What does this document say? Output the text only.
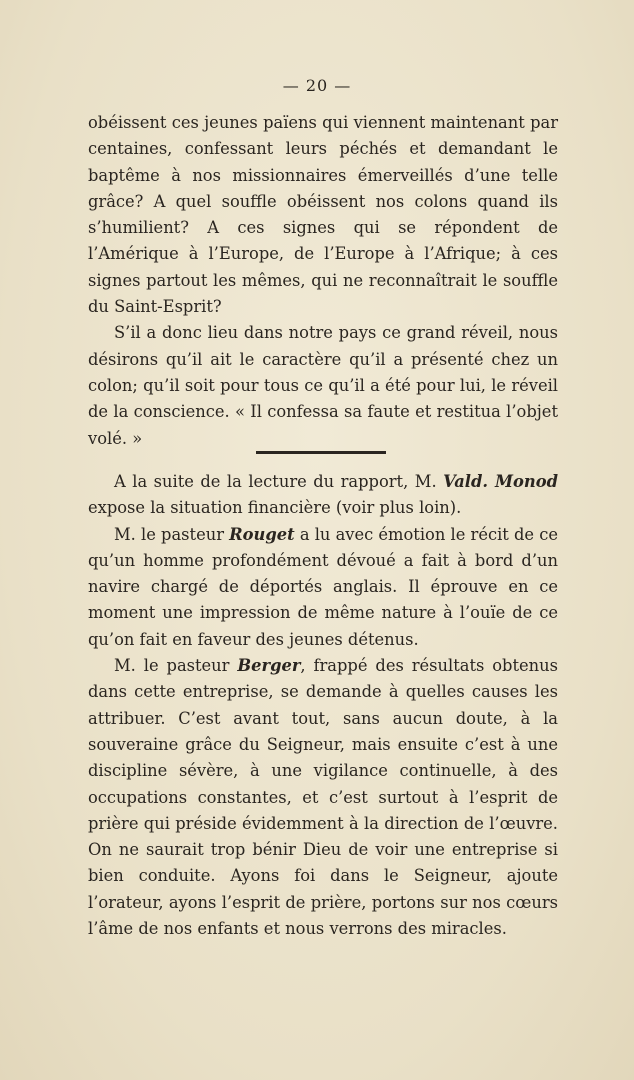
— 20 —

obéissent ces jeunes païens qui viennent maintenant par centaines, confessant leurs péchés et demandant le baptême à nos missionnaires émerveillés d’une telle grâce? A quel souffle obéissent nos colons quand ils s’humilient? A ces signes qui se répondent de l’Amérique à l’Europe, de l’Europe à l’Afrique; à ces signes partout les mêmes, qui ne reconnaîtrait le souffle du Saint-Esprit?

S’il a donc lieu dans notre pays ce grand réveil, nous désirons qu’il ait le caractère qu’il a présenté chez un colon; qu’il soit pour tous ce qu’il a été pour lui, le réveil de la conscience. « Il confessa sa faute et restitua l’objet volé. »

A la suite de la lecture du rapport, M. Vald. Monod expose la situation financière (voir plus loin).

M. le pasteur Rouget a lu avec émotion le récit de ce qu’un homme profondément dévoué a fait à bord d’un navire chargé de déportés anglais. Il éprouve en ce moment une impression de même nature à l’ouïe de ce qu’on fait en faveur des jeunes détenus.

M. le pasteur Berger, frappé des résultats obtenus dans cette entreprise, se demande à quelles causes les attribuer. C’est avant tout, sans aucun doute, à la souveraine grâce du Seigneur, mais ensuite c’est à une discipline sévère, à une vigilance continuelle, à des occupations constantes, et c’est surtout à l’esprit de prière qui préside évidemment à la direction de l’œuvre. On ne saurait trop bénir Dieu de voir une entreprise si bien conduite. Ayons foi dans le Seigneur, ajoute l’orateur, ayons l’esprit de prière, portons sur nos cœurs l’âme de nos enfants et nous verrons des miracles.
